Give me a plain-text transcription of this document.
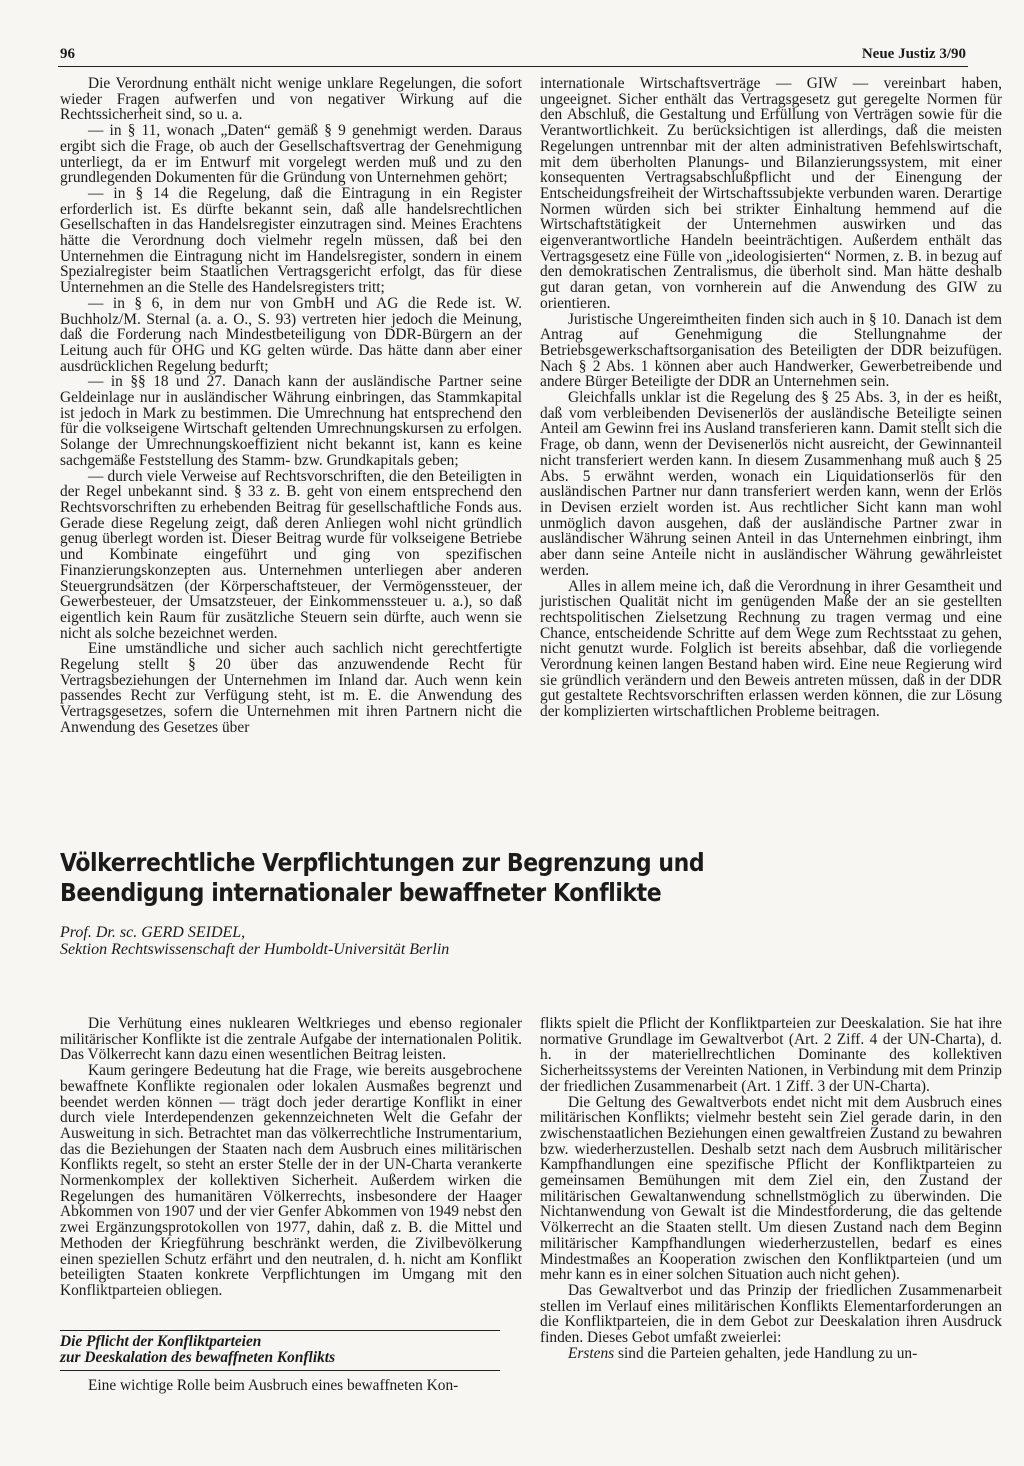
96	Neue Justiz 3/90

Die Verordnung enthält nicht wenige unklare Regelungen, die sofort wieder Fragen aufwerfen und von negativer Wirkung auf die Rechtssicherheit sind, so u. a.

— in § 11, wonach „Daten“ gemäß § 9 genehmigt werden. Daraus ergibt sich die Frage, ob auch der Gesellschaftsvertrag der Genehmigung unterliegt, da er im Entwurf mit vorgelegt werden muß und zu den grundlegenden Dokumenten für die Gründung von Unternehmen gehört;

— in § 14 die Regelung, daß die Eintragung in ein Register erforderlich ist. Es dürfte bekannt sein, daß alle handelsrechtlichen Gesellschaften in das Handelsregister einzutragen sind. Meines Erachtens hätte die Verordnung doch vielmehr regeln müssen, daß bei den Unternehmen die Eintragung nicht im Handelsregister, sondern in einem Spezialregister beim Staatlichen Vertragsgericht erfolgt, das für diese Unternehmen an die Stelle des Handelsregisters tritt;

— in § 6, in dem nur von GmbH und AG die Rede ist. W. Buchholz/M. Sternal (a. a. O., S. 93) vertreten hier jedoch die Meinung, daß die Forderung nach Mindestbeteiligung von DDR-Bürgern an der Leitung auch für OHG und KG gelten würde. Das hätte dann aber einer ausdrücklichen Regelung bedurft;

— in §§ 18 und 27. Danach kann der ausländische Partner seine Geldeinlage nur in ausländischer Währung einbringen, das Stammkapital ist jedoch in Mark zu bestimmen. Die Umrechnung hat entsprechend den für die volkseigene Wirtschaft geltenden Umrechnungskursen zu erfolgen. Solange der Umrechnungskoeffizient nicht bekannt ist, kann es keine sachgemäße Feststellung des Stamm- bzw. Grundkapitals geben;

— durch viele Verweise auf Rechtsvorschriften, die den Beteiligten in der Regel unbekannt sind. § 33 z. B. geht von einem entsprechend den Rechtsvorschriften zu erhebenden Beitrag für gesellschaftliche Fonds aus. Gerade diese Regelung zeigt, daß deren Anliegen wohl nicht gründlich genug überlegt worden ist. Dieser Beitrag wurde für volkseigene Betriebe und Kombinate eingeführt und ging von spezifischen Finanzierungskonzepten aus. Unternehmen unterliegen aber anderen Steuergrundsätzen (der Körperschaftsteuer, der Vermögenssteuer, der Gewerbesteuer, der Umsatzsteuer, der Einkommenssteuer u. a.), so daß eigentlich kein Raum für zusätzliche Steuern sein dürfte, auch wenn sie nicht als solche bezeichnet werden.

Eine umständliche und sicher auch sachlich nicht gerechtfertigte Regelung stellt § 20 über das anzuwendende Recht für Vertragsbeziehungen der Unternehmen im Inland dar. Auch wenn kein passendes Recht zur Verfügung steht, ist m. E. die Anwendung des Vertragsgesetzes, sofern die Unternehmen mit ihren Partnern nicht die Anwendung des Gesetzes über

internationale Wirtschaftsverträge — GIW — vereinbart haben, ungeeignet. Sicher enthält das Vertragsgesetz gut geregelte Normen für den Abschluß, die Gestaltung und Erfüllung von Verträgen sowie für die Verantwortlichkeit. Zu berücksichtigen ist allerdings, daß die meisten Regelungen untrennbar mit der alten administrativen Befehlswirtschaft, mit dem überholten Planungs- und Bilanzierungssystem, mit einer konsequenten Vertragsabschlußpflicht und der Einengung der Entscheidungsfreiheit der Wirtschaftssubjekte verbunden waren. Derartige Normen würden sich bei strikter Einhaltung hemmend auf die Wirtschaftstätigkeit der Unternehmen auswirken und das eigenverantwortliche Handeln beeinträchtigen. Außerdem enthält das Vertragsgesetz eine Fülle von „ideologisierten“ Normen, z. B. in bezug auf den demokratischen Zentralismus, die überholt sind. Man hätte deshalb gut daran getan, von vornherein auf die Anwendung des GIW zu orientieren.

Juristische Ungereimtheiten finden sich auch in § 10. Danach ist dem Antrag auf Genehmigung die Stellungnahme der Betriebsgewerkschaftsorganisation des Beteiligten der DDR beizufügen. Nach § 2 Abs. 1 können aber auch Handwerker, Gewerbetreibende und andere Bürger Beteiligte der DDR an Unternehmen sein.

Gleichfalls unklar ist die Regelung des § 25 Abs. 3, in der es heißt, daß vom verbleibenden Devisenerlös der ausländische Beteiligte seinen Anteil am Gewinn frei ins Ausland transferieren kann. Damit stellt sich die Frage, ob dann, wenn der Devisenerlös nicht ausreicht, der Gewinnanteil nicht transferiert werden kann. In diesem Zusammenhang muß auch § 25 Abs. 5 erwähnt werden, wonach ein Liquidationserlös für den ausländischen Partner nur dann transferiert werden kann, wenn der Erlös in Devisen erzielt worden ist. Aus rechtlicher Sicht kann man wohl unmöglich davon ausgehen, daß der ausländische Partner zwar in ausländischer Währung seinen Anteil in das Unternehmen einbringt, ihm aber dann seine Anteile nicht in ausländischer Währung gewährleistet werden.

Alles in allem meine ich, daß die Verordnung in ihrer Gesamtheit und juristischen Qualität nicht im genügenden Maße der an sie gestellten rechtspolitischen Zielsetzung Rechnung zu tragen vermag und eine Chance, entscheidende Schritte auf dem Wege zum Rechtsstaat zu gehen, nicht genutzt wurde. Folglich ist bereits absehbar, daß die vorliegende Verordnung keinen langen Bestand haben wird. Eine neue Regierung wird sie gründlich verändern und den Beweis antreten müssen, daß in der DDR gut gestaltete Rechtsvorschriften erlassen werden können, die zur Lösung der komplizierten wirtschaftlichen Probleme beitragen.

Völkerrechtliche Verpflichtungen zur Begrenzung und Beendigung internationaler bewaffneter Konflikte
Prof. Dr. sc. GERD SEIDEL,
Sektion Rechtswissenschaft der Humboldt-Universität Berlin

Die Verhütung eines nuklearen Weltkrieges und ebenso regionaler militärischer Konflikte ist die zentrale Aufgabe der internationalen Politik. Das Völkerrecht kann dazu einen wesentlichen Beitrag leisten.

Kaum geringere Bedeutung hat die Frage, wie bereits ausgebrochene bewaffnete Konflikte regionalen oder lokalen Ausmaßes begrenzt und beendet werden können — trägt doch jeder derartige Konflikt in einer durch viele Interdependenzen gekennzeichneten Welt die Gefahr der Ausweitung in sich. Betrachtet man das völkerrechtliche Instrumentarium, das die Beziehungen der Staaten nach dem Ausbruch eines militärischen Konflikts regelt, so steht an erster Stelle der in der UN-Charta verankerte Normenkomplex der kollektiven Sicherheit. Außerdem wirken die Regelungen des humanitären Völkerrechts, insbesondere der Haager Abkommen von 1907 und der vier Genfer Abkommen von 1949 nebst den zwei Ergänzungsprotokollen von 1977, dahin, daß z. B. die Mittel und Methoden der Kriegführung beschränkt werden, die Zivilbevölkerung einen speziellen Schutz erfährt und den neutralen, d. h. nicht am Konflikt beteiligten Staaten konkrete Verpflichtungen im Umgang mit den Konfliktparteien obliegen.

Die Pflicht der Konfliktparteien
zur Deeskalation des bewaffneten Konflikts

Eine wichtige Rolle beim Ausbruch eines bewaffneten Kon-

flikts spielt die Pflicht der Konfliktparteien zur Deeskalation. Sie hat ihre normative Grundlage im Gewaltverbot (Art. 2 Ziff. 4 der UN-Charta), d. h. in der materiellrechtlichen Dominante des kollektiven Sicherheitssystems der Vereinten Nationen, in Verbindung mit dem Prinzip der friedlichen Zusammenarbeit (Art. 1 Ziff. 3 der UN-Charta).

Die Geltung des Gewaltverbots endet nicht mit dem Ausbruch eines militärischen Konflikts; vielmehr besteht sein Ziel gerade darin, in den zwischenstaatlichen Beziehungen einen gewaltfreien Zustand zu bewahren bzw. wiederherzustellen. Deshalb setzt nach dem Ausbruch militärischer Kampfhandlungen eine spezifische Pflicht der Konfliktparteien zu gemeinsamen Bemühungen mit dem Ziel ein, den Zustand der militärischen Gewaltanwendung schnellstmöglich zu überwinden. Die Nichtanwendung von Gewalt ist die Mindestforderung, die das geltende Völkerrecht an die Staaten stellt. Um diesen Zustand nach dem Beginn militärischer Kampfhandlungen wiederherzustellen, bedarf es eines Mindestmaßes an Kooperation zwischen den Konfliktparteien (und um mehr kann es in einer solchen Situation auch nicht gehen).

Das Gewaltverbot und das Prinzip der friedlichen Zusammenarbeit stellen im Verlauf eines militärischen Konflikts Elementarforderungen an die Konfliktparteien, die in dem Gebot zur Deeskalation ihren Ausdruck finden. Dieses Gebot umfaßt zweierlei:

Erstens sind die Parteien gehalten, jede Handlung zu un-
